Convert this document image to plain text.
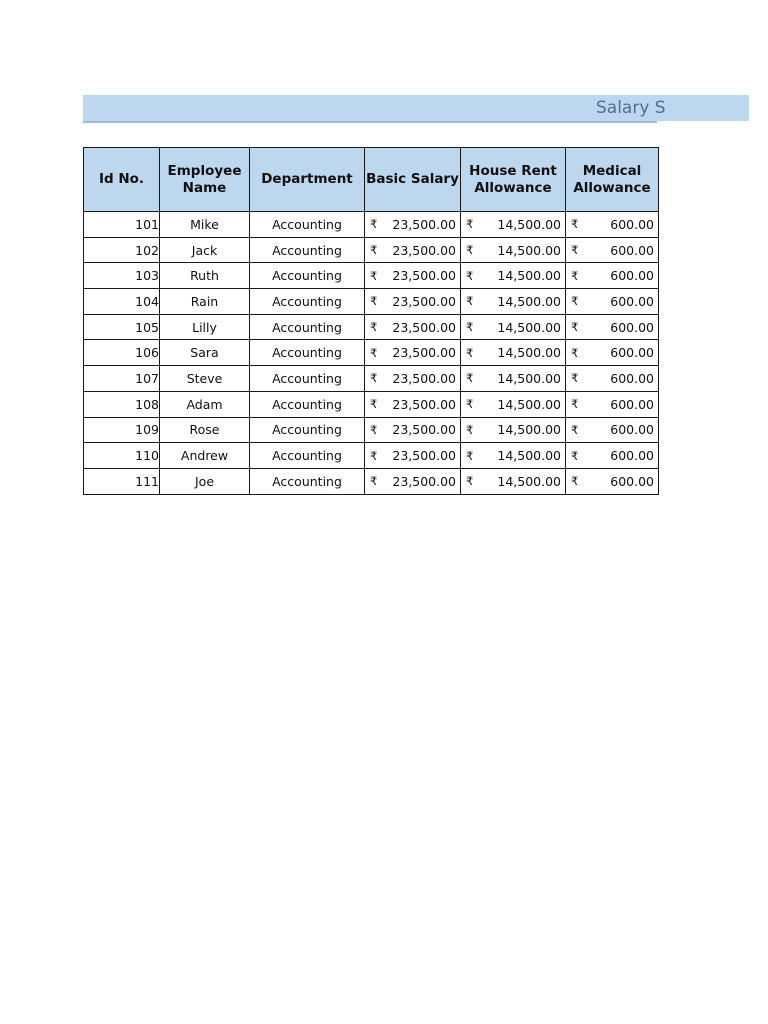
Salary S
Id No.	Employee Name	Department	Basic Salary	House Rent Allowance	Medical Allowance
101	Mike	Accounting	₹ 23,500.00	₹ 14,500.00	₹ 600.00

102	Jack	Accounting	₹ 23,500.00	₹ 14,500.00	₹ 600.00

103	Ruth	Accounting	₹ 23,500.00	₹ 14,500.00	₹ 600.00

104	Rain	Accounting	₹ 23,500.00	₹ 14,500.00	₹ 600.00

105	Lilly	Accounting	₹ 23,500.00	₹ 14,500.00	₹ 600.00

106	Sara	Accounting	₹ 23,500.00	₹ 14,500.00	₹ 600.00

107	Steve	Accounting	₹ 23,500.00	₹ 14,500.00	₹ 600.00

108	Adam	Accounting	₹ 23,500.00	₹ 14,500.00	₹ 600.00

109	Rose	Accounting	₹ 23,500.00	₹ 14,500.00	₹ 600.00

110	Andrew	Accounting	₹ 23,500.00	₹ 14,500.00	₹ 600.00

111	Joe	Accounting	₹ 23,500.00	₹ 14,500.00	₹ 600.00
